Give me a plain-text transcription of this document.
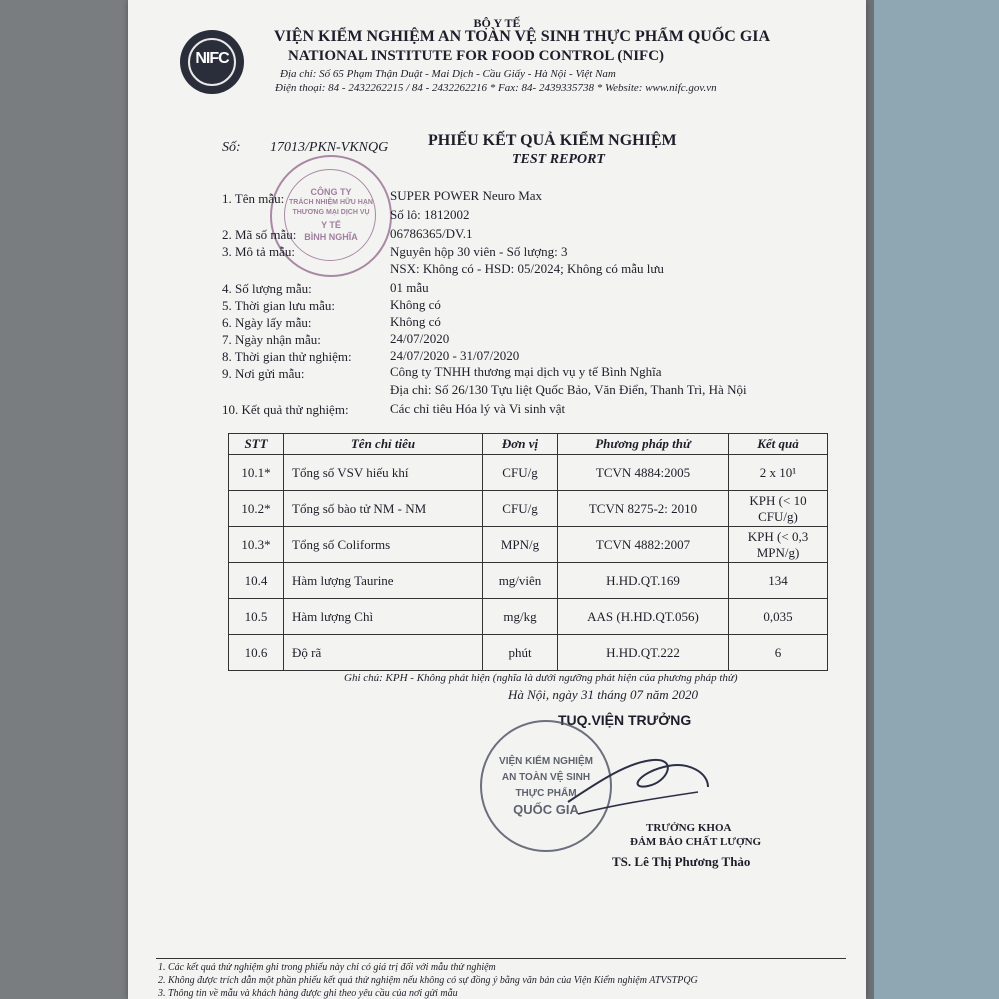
NIFC
BỘ Y TẾ
VIỆN KIỂM NGHIỆM AN TOÀN VỆ SINH THỰC PHẨM QUỐC GIA
NATIONAL INSTITUTE FOR FOOD CONTROL (NIFC)
Địa chỉ: Số 65 Phạm Thận Duật - Mai Dịch - Cầu Giấy - Hà Nội - Việt Nam
Điện thoại: 84 - 2432262215 / 84 - 2432262216 * Fax: 84- 2439335738 * Website: www.nifc.gov.vn
Số: 17013/PKN-VKNQG PHIẾU KẾT QUẢ KIỂM NGHIỆM
TEST REPORT
CÔNG TY
TRÁCH NHIỆM HỮU HẠN
THƯƠNG MẠI DỊCH VỤ
Y TẾ
BÌNH NGHĨA
1. Tên mẫu:	SUPER POWER Neuro Max
Số lô: 1812002
2. Mã số mẫu:	06786365/DV.1
3. Mô tả mẫu:	Nguyên hộp 30 viên - Số lượng: 3
NSX: Không có - HSD: 05/2024; Không có mẫu lưu
4. Số lượng mẫu:	01 mẫu
5. Thời gian lưu mẫu:	Không có
6. Ngày lấy mẫu:	Không có
7. Ngày nhận mẫu:	24/07/2020
8. Thời gian thử nghiệm:	24/07/2020 - 31/07/2020
9. Nơi gửi mẫu:	Công ty TNHH thương mại dịch vụ y tế Bình Nghĩa
Địa chỉ: Số 26/130 Tựu liệt Quốc Bảo, Văn Điển, Thanh Trì, Hà Nội
10. Kết quả thử nghiệm:	Các chỉ tiêu Hóa lý và Vi sinh vật
STT	Tên chỉ tiêu	Đơn vị	Phương pháp thử	Kết quả
10.1*	Tổng số VSV hiếu khí	CFU/g	TCVN 4884:2005	2 x 10¹
10.2*	Tổng số bào tử NM - NM	CFU/g	TCVN 8275-2: 2010	KPH (< 10 CFU/g)
10.3*	Tổng số Coliforms	MPN/g	TCVN 4882:2007	KPH (< 0,3 MPN/g)
10.4	Hàm lượng Taurine	mg/viên	H.HD.QT.169	134
10.5	Hàm lượng Chì	mg/kg	AAS (H.HD.QT.056)	0,035
10.6	Độ rã	phút	H.HD.QT.222	6
Ghi chú: KPH - Không phát hiện (nghĩa là dưới ngưỡng phát hiện của phương pháp thử)
Hà Nội, ngày 31 tháng 07 năm 2020
TUQ.VIỆN TRƯỞNG
VIỆN KIỂM NGHIỆM
AN TOÀN VỆ SINH
THỰC PHẨM
QUỐC GIA
TRƯỞNG KHOA
ĐẢM BẢO CHẤT LƯỢNG
TS. Lê Thị Phương Thảo
1. Các kết quả thử nghiệm ghi trong phiếu này chỉ có giá trị đối với mẫu thử nghiệm
2. Không được trích dẫn một phần phiếu kết quả thử nghiệm nếu không có sự đồng ý bằng văn bản của Viện Kiểm nghiệm ATVSTPQG
3. Thông tin về mẫu và khách hàng được ghi theo yêu cầu của nơi gửi mẫu
